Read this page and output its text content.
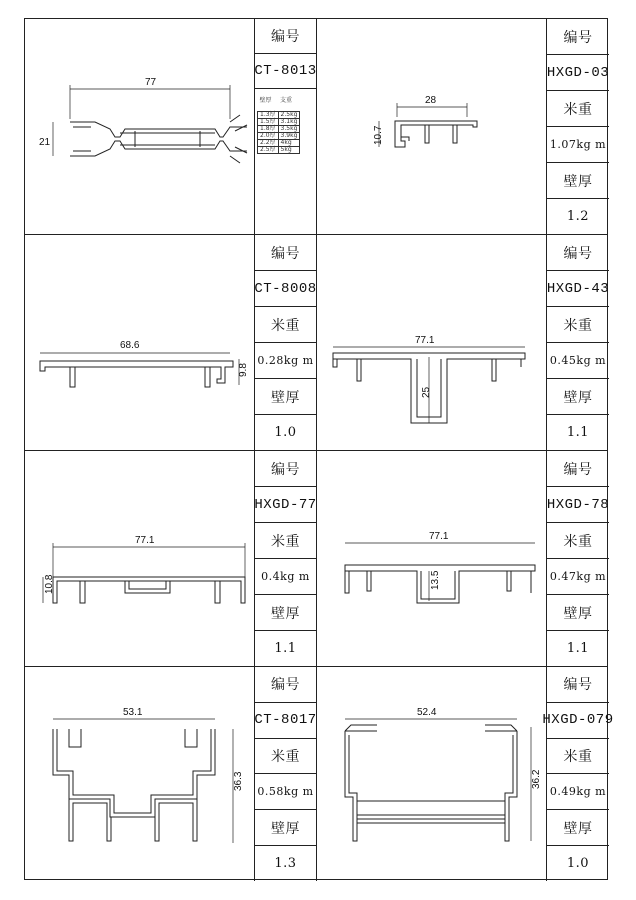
77
21
编号
CT-8013
壁厚	支重
1.3厚	2.5kg
1.5厚	3.1kg
1.8厚	3.5kg
2.0厚	3.9kg
2.2厚	4kg
2.5厚	5kg
28
10.7
编号
HXGD-03
米重
1.07kg m
壁厚
1.2
68.6
9.8
编号
CT-8008
米重
0.28kg m
壁厚
1.0
77.1
25
编号
HXGD-43
米重
0.45kg m
壁厚
1.1
77.1
10.8
编号
HXGD-77
米重
0.4kg m
壁厚
1.1
77.1
13.5
编号
HXGD-78
米重
0.47kg m
壁厚
1.1
53.1
36.3
编号
CT-8017
米重
0.58kg m
壁厚
1.3
52.4
36.2
编号
HXGD-079
米重
0.49kg m
壁厚
1.0
